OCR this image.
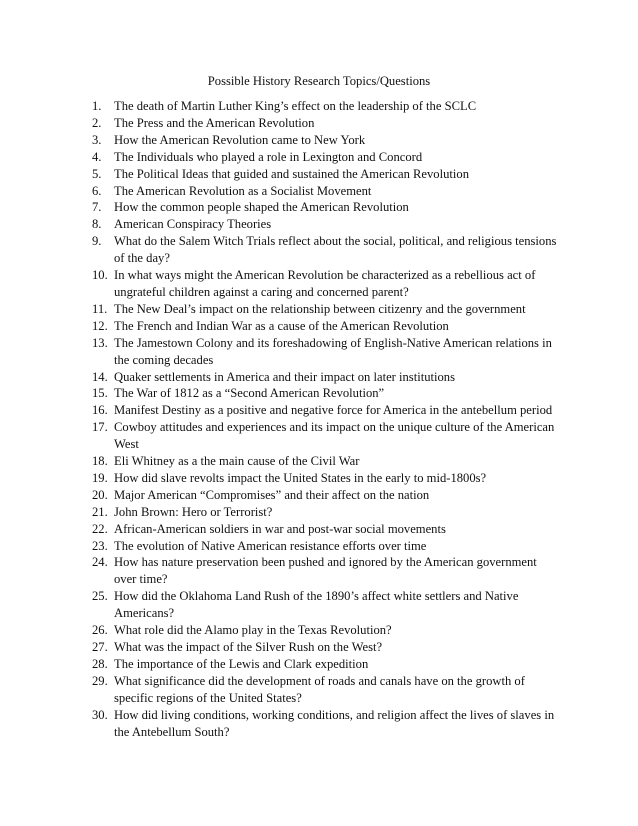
Possible History Research Topics/Questions
1. The death of Martin Luther King’s effect on the leadership of the SCLC
2. The Press and the American Revolution
3. How the American Revolution came to New York
4. The Individuals who played a role in Lexington and Concord
5. The Political Ideas that guided and sustained the American Revolution
6. The American Revolution as a Socialist Movement
7. How the common people shaped the American Revolution
8. American Conspiracy Theories
9. What do the Salem Witch Trials reflect about the social, political, and religious tensions of the day?
10. In what ways might the American Revolution be characterized as a rebellious act of ungrateful children against a caring and concerned parent?
11. The New Deal’s impact on the relationship between citizenry and the government
12. The French and Indian War as a cause of the American Revolution
13. The Jamestown Colony and its foreshadowing of English-Native American relations in the coming decades
14. Quaker settlements in America and their impact on later institutions
15. The War of 1812 as a “Second American Revolution”
16. Manifest Destiny as a positive and negative force for America in the antebellum period
17. Cowboy attitudes and experiences and its impact on the unique culture of the American West
18. Eli Whitney as a the main cause of the Civil War
19. How did slave revolts impact the United States in the early to mid-1800s?
20. Major American “Compromises” and their affect on the nation
21. John Brown: Hero or Terrorist?
22. African-American soldiers in war and post-war social movements
23. The evolution of Native American resistance efforts over time
24. How has nature preservation been pushed and ignored by the American government over time?
25. How did the Oklahoma Land Rush of the 1890’s affect white settlers and Native Americans?
26. What role did the Alamo play in the Texas Revolution?
27. What was the impact of the Silver Rush on the West?
28. The importance of the Lewis and Clark expedition
29. What significance did the development of roads and canals have on the growth of specific regions of the United States?
30. How did living conditions, working conditions, and religion affect the lives of slaves in the Antebellum South?
